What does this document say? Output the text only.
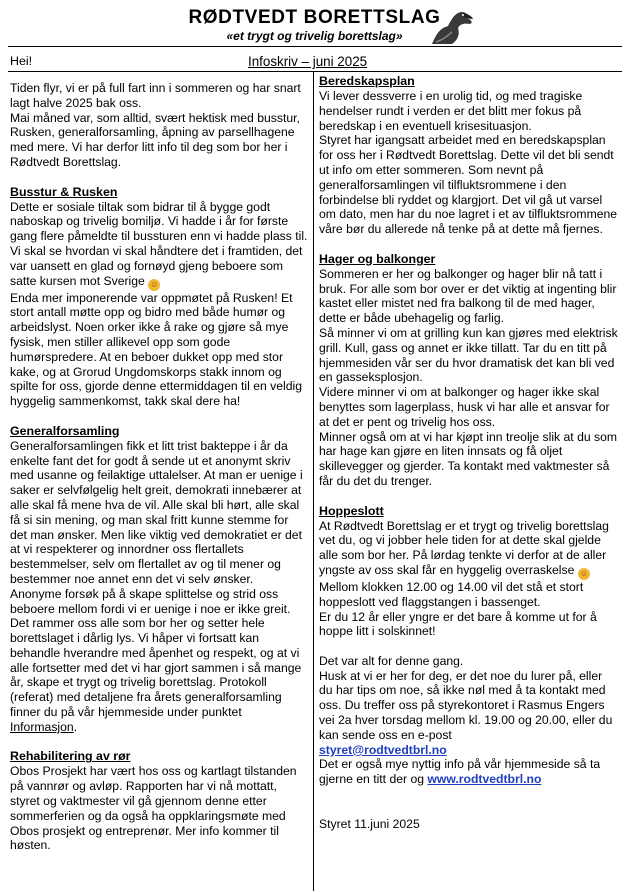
RØDTVEDT BORETTSLAG
«et trygt og trivelig borettslag»
Hei!	Infoskriv – juni 2025

Tiden flyr, vi er på full fart inn i sommeren og har snart lagt halve 2025 bak oss.

Mai måned var, som alltid, svært hektisk med busstur, Rusken, generalforsamling, åpning av parsellhagene med mere. Vi har derfor litt info til deg som bor her i Rødtvedt Borettslag.

Busstur & Rusken

Dette er sosiale tiltak som bidrar til å bygge godt naboskap og trivelig bomiljø. Vi hadde i år for første gang flere påmeldte til bussturen enn vi hadde plass til. Vi skal se hvordan vi skal håndtere det i framtiden, det var uansett en glad og fornøyd gjeng beboere som satte kursen mot Sverige ☺

Enda mer imponerende var oppmøtet på Rusken! Et stort antall møtte opp og bidro med både humør og arbeidslyst. Noen orker ikke å rake og gjøre så mye fysisk, men stiller allikevel opp som gode humørspredere. At en beboer dukket opp med stor kake, og at Grorud Ungdomskorps stakk innom og spilte for oss, gjorde denne ettermiddagen til en veldig hyggelig sammenkomst, takk skal dere ha!

Generalforsamling

Generalforsamlingen fikk et litt trist bakteppe i år da enkelte fant det for godt å sende ut et anonymt skriv med usanne og feilaktige uttalelser. At man er uenige i saker er selvfølgelig helt greit, demokrati innebærer at alle skal få mene hva de vil. Alle skal bli hørt, alle skal få si sin mening, og man skal fritt kunne stemme for det man ønsker. Men like viktig ved demokratiet er det at vi respekterer og innordner oss flertallets bestemmelser, selv om flertallet av og til mener og bestemmer noe annet enn det vi selv ønsker.

Anonyme forsøk på å skape splittelse og strid oss beboere mellom fordi vi er uenige i noe er ikke greit. Det rammer oss alle som bor her og setter hele borettslaget i dårlig lys. Vi håper vi fortsatt kan behandle hverandre med åpenhet og respekt, og at vi alle fortsetter med det vi har gjort sammen i så mange år, skape et trygt og trivelig borettslag. Protokoll (referat) med detaljene fra årets generalforsamling finner du på vår hjemmeside under punktet Informasjon.

Rehabilitering av rør

Obos Prosjekt har vært hos oss og kartlagt tilstanden på vannrør og avløp. Rapporten har vi nå mottatt, styret og vaktmester vil gå gjennom denne etter sommerferien og da også ha oppklaringsmøte med Obos prosjekt og entreprenør. Mer info kommer til høsten.

Beredskapsplan

Vi lever dessverre i en urolig tid, og med tragiske hendelser rundt i verden er det blitt mer fokus på beredskap i en eventuell krisesituasjon.

Styret har igangsatt arbeidet med en beredskapsplan for oss her i Rødtvedt Borettslag. Dette vil det bli sendt ut info om etter sommeren. Som nevnt på generalforsamlingen vil tilfluktsrommene i den forbindelse bli ryddet og klargjort. Det vil gå ut varsel om dato, men har du noe lagret i et av tilfluktsrommene våre bør du allerede nå tenke på at dette må fjernes.

Hager og balkonger

Sommeren er her og balkonger og hager blir nå tatt i bruk. For alle som bor over er det viktig at ingenting blir kastet eller mistet ned fra balkong til de med hager, dette er både ubehagelig og farlig.

Så minner vi om at grilling kun kan gjøres med elektrisk grill. Kull, gass og annet er ikke tillatt. Tar du en titt på hjemmesiden vår ser du hvor dramatisk det kan bli ved en gasseksplosjon.

Videre minner vi om at balkonger og hager ikke skal benyttes som lagerplass, husk vi har alle et ansvar for at det er pent og trivelig hos oss.

Minner også om at vi har kjøpt inn treolje slik at du som har hage kan gjøre en liten innsats og få oljet skillevegger og gjerder. Ta kontakt med vaktmester så får du det du trenger.

Hoppeslott

At Rødtvedt Borettslag er et trygt og trivelig borettslag vet du, og vi jobber hele tiden for at dette skal gjelde alle som bor her. På lørdag tenkte vi derfor at de aller yngste av oss skal får en hyggelig overraskelse ☺

Mellom klokken 12.00 og 14.00 vil det stå et stort hoppeslott ved flaggstangen i bassenget.

Er du 12 år eller yngre er det bare å komme ut for å hoppe litt i solskinnet!

Det var alt for denne gang.

Husk at vi er her for deg, er det noe du lurer på, eller du har tips om noe, så ikke nøl med å ta kontakt med oss. Du treffer oss på styrekontoret i Rasmus Engers vei 2a hver torsdag mellom kl. 19.00 og 20.00, eller du kan sende oss en e-post

styret@rodtvedtbrl.no

Det er også mye nyttig info på vår hjemmeside så ta gjerne en titt der og www.rodtvedtbrl.no

Styret 11.juni 2025
